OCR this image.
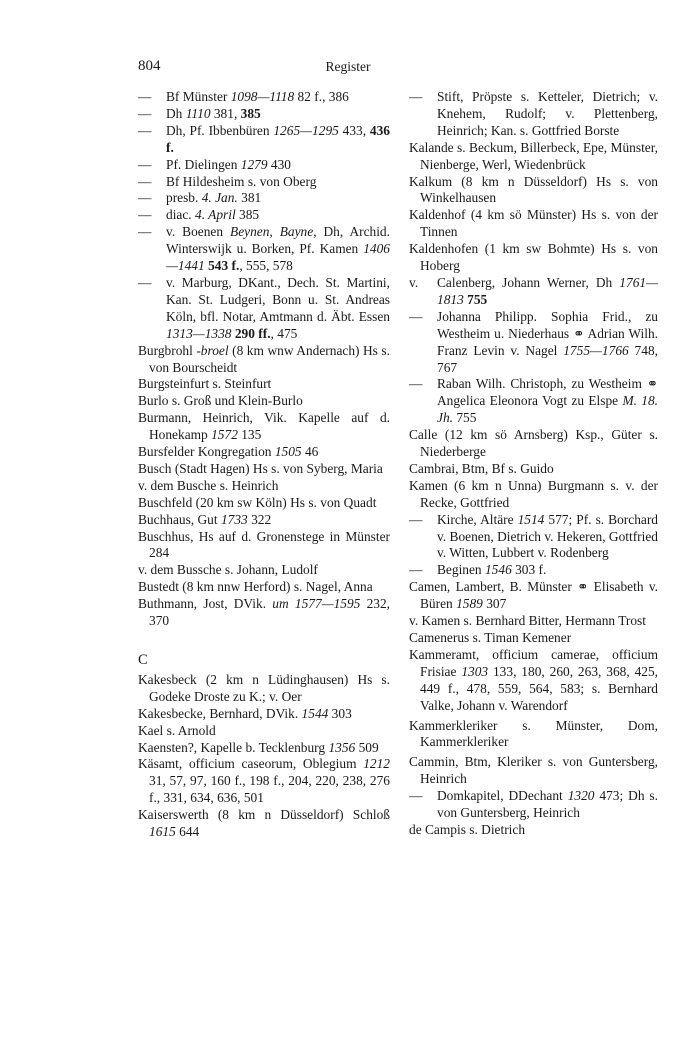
804	Register
— Bf Münster 1098—1118 82 f., 386
— Dh 1110 381, 385
— Dh, Pf. Ibbenbüren 1265—1295 433, 436 f.
— Pf. Dielingen 1279 430
— Bf Hildesheim s. von Oberg
— presb. 4. Jan. 381
— diac. 4. April 385
— v. Boenen Beynen, Bayne, Dh, Archid. Winterswijk u. Borken, Pf. Kamen 1406—1441 543 f., 555, 578
— v. Marburg, DKant., Dech. St. Martini, Kan. St. Ludgeri, Bonn u. St. Andreas Köln, bfl. Notar, Amtmann d. Äbt. Essen 1313—1338 290 ff., 475
Burgbrohl -broel (8 km wnw Andernach) Hs s. von Bourscheidt
Burgsteinfurt s. Steinfurt
Burlo s. Groß und Klein-Burlo
Burmann, Heinrich, Vik. Kapelle auf d. Honekamp 1572 135
Bursfelder Kongregation 1505 46
Busch (Stadt Hagen) Hs s. von Syberg, Maria
v. dem Busche s. Heinrich
Buschfeld (20 km sw Köln) Hs s. von Quadt
Buchhaus, Gut 1733 322
Buschhus, Hs auf d. Gronenstege in Münster 284
v. dem Bussche s. Johann, Ludolf
Bustedt (8 km nnw Herford) s. Nagel, Anna
Buthmann, Jost, DVik. um 1577—1595 232, 370
C
Kakesbeck (2 km n Lüdinghausen) Hs s. Godeke Droste zu K.; v. Oer
Kakesbecke, Bernhard, DVik. 1544 303
Kael s. Arnold
Kaensten?, Kapelle b. Tecklenburg 1356 509
Käsamt, officium caseorum, Oblegium 1212 31, 57, 97, 160 f., 198 f., 204, 220, 238, 276 f., 331, 634, 636, 501
Kaiserswerth (8 km n Düsseldorf) Schloß 1615 644
— Stift, Pröpste s. Ketteler, Dietrich; v. Knehem, Rudolf; v. Plettenberg, Heinrich; Kan. s. Gottfried Borste
Kalande s. Beckum, Billerbeck, Epe, Münster, Nienberge, Werl, Wiedenbrück
Kalkum (8 km n Düsseldorf) Hs s. von Winkelhausen
Kaldenhof (4 km sö Münster) Hs s. von der Tinnen
Kaldenhofen (1 km sw Bohmte) Hs s. von Hoberg
v. Calenberg, Johann Werner, Dh 1761—1813 755
— Johanna Philipp. Sophia Frid., zu Westheim u. Niederhaus ⚭ Adrian Wilh. Franz Levin v. Nagel 1755—1766 748, 767
— Raban Wilh. Christoph, zu Westheim ⚭ Angelica Eleonora Vogt zu Elspe M. 18. Jh. 755
Calle (12 km sö Arnsberg) Ksp., Güter s. Niederberge
Cambrai, Btm, Bf s. Guido
Kamen (6 km n Unna) Burgmann s. v. der Recke, Gottfried
— Kirche, Altäre 1514 577; Pf. s. Borchard v. Boenen, Dietrich v. Hekeren, Gottfried v. Witten, Lubbert v. Rodenberg
— Beginen 1546 303 f.
Camen, Lambert, B. Münster ⚭ Elisabeth v. Büren 1589 307
v. Kamen s. Bernhard Bitter, Hermann Trost
Camenerus s. Timan Kemener
Kammeramt, officium camerae, officium Frisiae 1303 133, 180, 260, 263, 368, 425, 449 f., 478, 559, 564, 583; s. Bernhard Valke, Johann v. Warendorf
Kammerkleriker s. Münster, Dom, Kammerkleriker
Cammin, Btm, Kleriker s. von Guntersberg, Heinrich
— Domkapitel, DDechant 1320 473; Dh s. von Guntersberg, Heinrich
de Campis s. Dietrich
